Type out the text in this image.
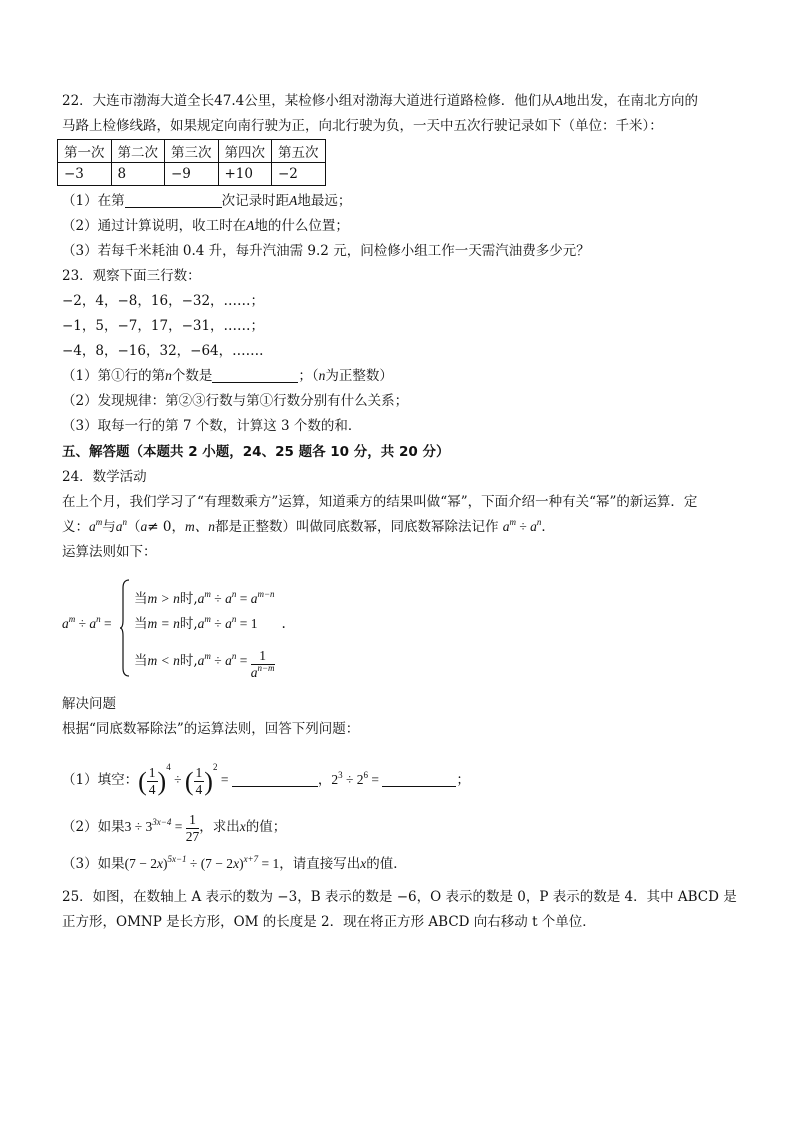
22．大连市渤海大道全长47.4公里，某检修小组对渤海大道进行道路检修．他们从A地出发，在南北方向的
马路上检修线路，如果规定向南行驶为正，向北行驶为负，一天中五次行驶记录如下（单位：千米）：
第一次	第二次	第三次	第四次	第五次
−3	8	−9	+10	−2
（1）在第	次记录时距A地最远；
（2）通过计算说明，收工时在A地的什么位置；
（3）若每千米耗油 0.4 升，每升汽油需 9.2 元，问检修小组工作一天需汽油费多少元？
23．观察下面三行数：
−2，4，−8，16，−32，……；
−1，5，−7，17，−31，……；
−4，8，−16，32，−64，…….
（1）第①行的第n个数是	；（n为正整数）
（2）发现规律：第②③行数与第①行数分别有什么关系；
（3）取每一行的第 7 个数，计算这 3 个数的和．
五、解答题（本题共 2 小题，24、25 题各 10 分，共 20 分）
24．数学活动
在上个月，我们学习了“有理数乘方”运算，知道乘方的结果叫做“幂”，下面介绍一种有关“幂”的新运算．定
义：$a^m$与$a^n(a\ne 0$，m、n都是正整数）叫做同底数幂，同底数幂除法记作 $a^m \div a^n$．
运算法则如下：
$a^m \div a^n$ =
当m > n时$,a^m \div a^n = a^{m-n}$
当m = n时$,a^m \div a^n = 1$ .
当m < n时$,a^m \div a^n = \frac{1}{a^{n-m}}$
解决问题
根据“同底数幂除法”的运算法则，回答下列问题：
（1）填空：( $\frac{1}{4} )^4$ ÷ ( $\frac{1}{4} )^2$ =	，$2^3 \div 2^6$ =	；
（2）如果$3 \div 3^{3x-4} = \frac{1}{27}$ ，求出x的值；
（3）如果$(7 - 2x)^{5x-1} \div (7 - 2x)^{x+7} = 1$，请直接写出x的值．
25．如图，在数轴上 A 表示的数为 −3，B 表示的数是 −6，O 表示的数是 0，P 表示的数是 4．其中 ABCD 是
正方形，OMNP 是长方形，OM 的长度是 2．现在将正方形 ABCD 向右移动 t 个单位．
